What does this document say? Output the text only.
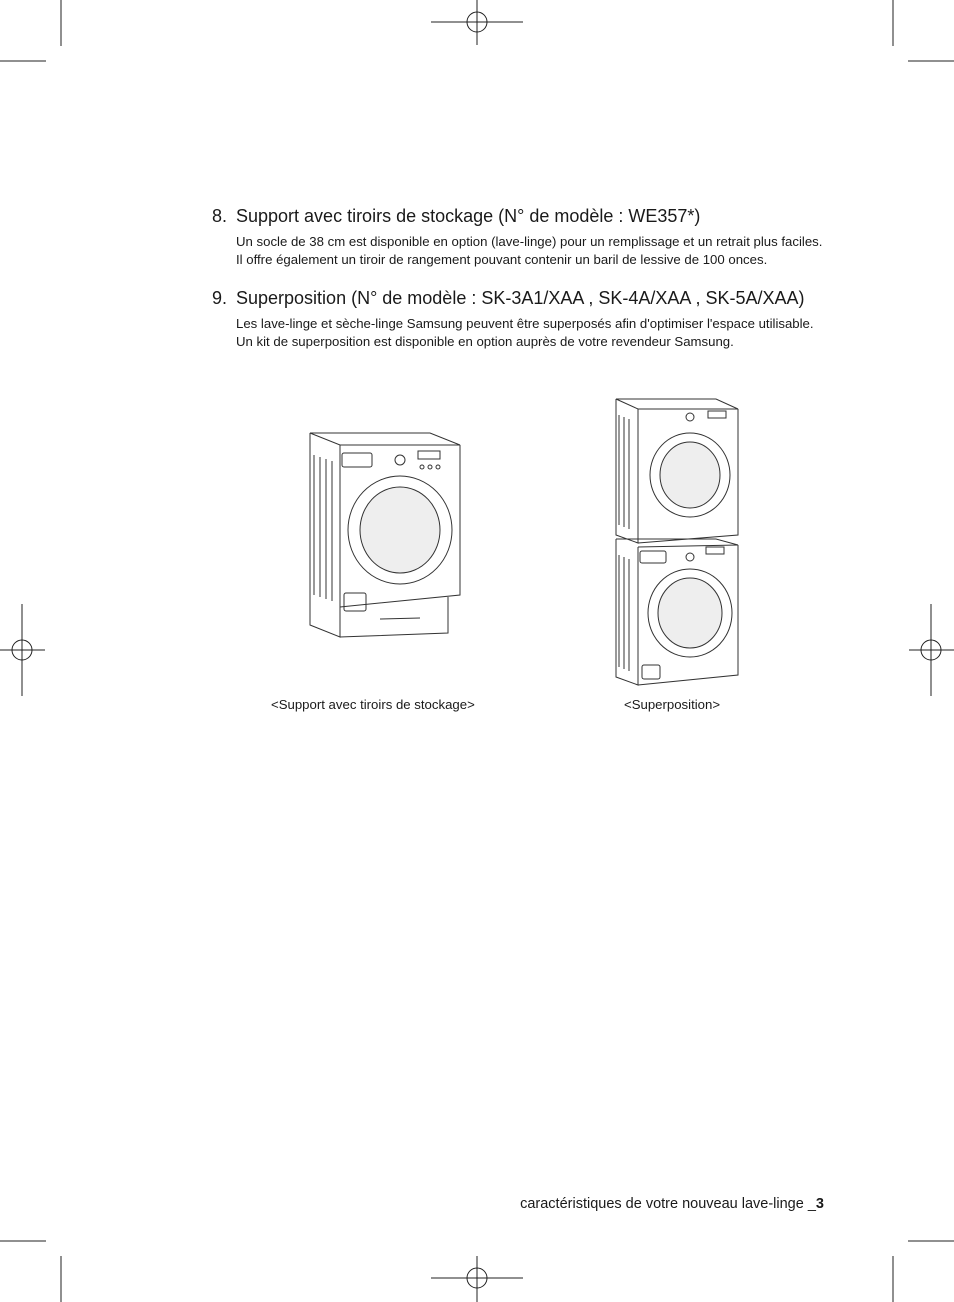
8. Support avec tiroirs de stockage (N° de modèle : WE357*)

Un socle de 38 cm est disponible en option (lave-linge) pour un remplissage et un retrait plus faciles.

Il offre également un tiroir de rangement pouvant contenir un baril de lessive de 100 onces.

9. Superposition (N° de modèle : SK-3A1/XAA , SK-4A/XAA , SK-5A/XAA)

Les lave-linge et sèche-linge Samsung peuvent être superposés afin d'optimiser l'espace utilisable. Un kit de superposition est disponible en option auprès de votre revendeur Samsung.

<Support avec tiroirs de stockage>	<Superposition>
caractéristiques de votre nouveau lave-linge _3
